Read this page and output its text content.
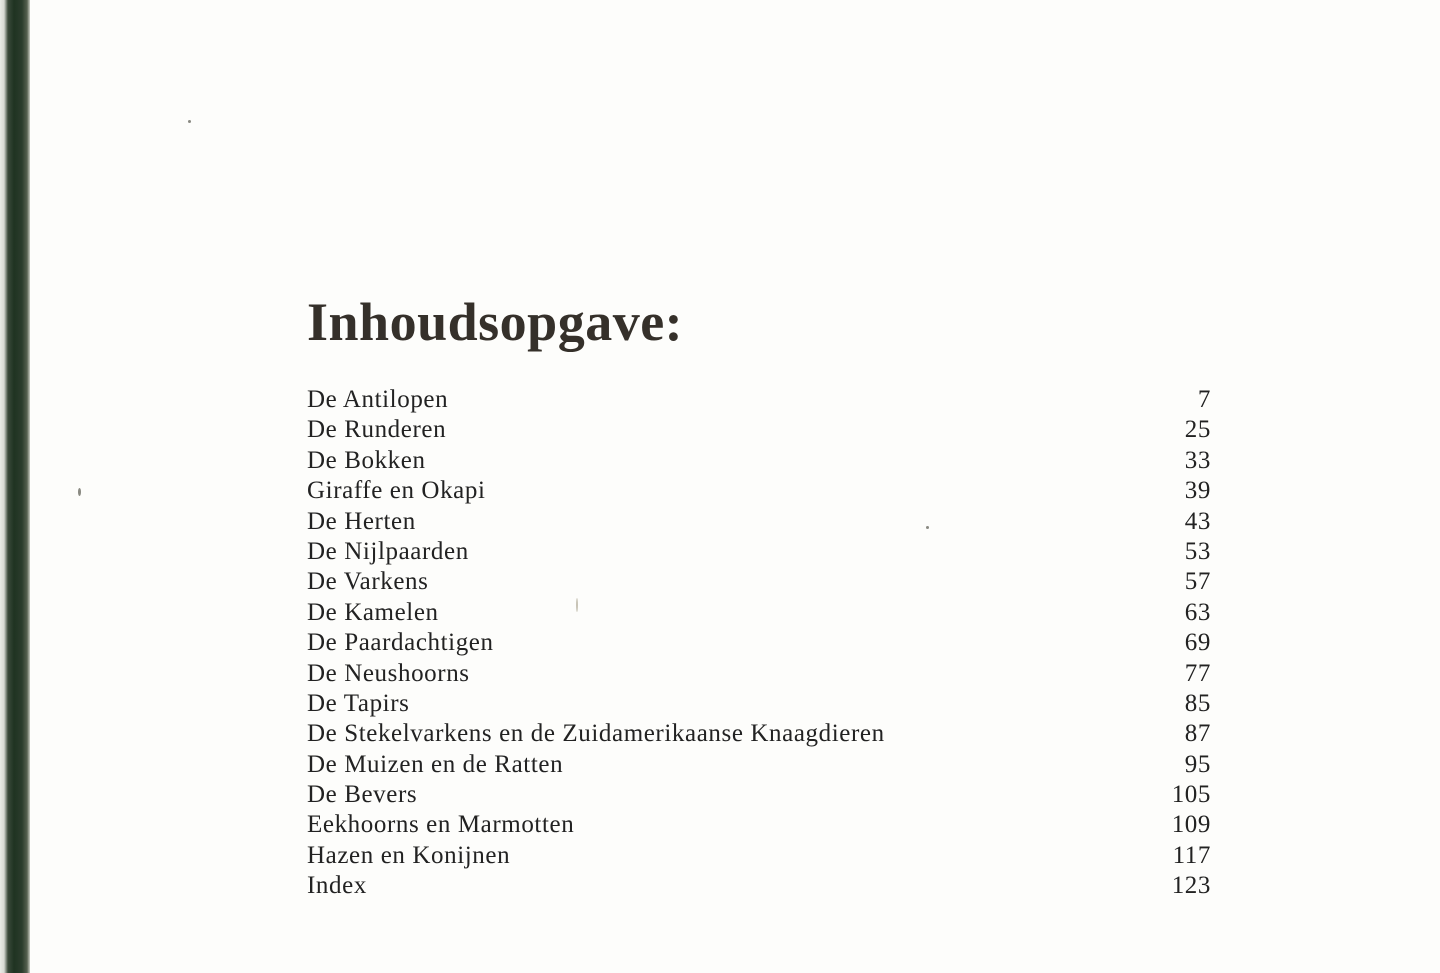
Inhoudsopgave:
De Antilopen	7
De Runderen	25
De Bokken	33
Giraffe en Okapi	39
De Herten	43
De Nijlpaarden	53
De Varkens	57
De Kamelen	63
De Paardachtigen	69
De Neushoorns	77
De Tapirs	85
De Stekelvarkens en de Zuidamerikaanse Knaagdieren	87
De Muizen en de Ratten	95
De Bevers	105
Eekhoorns en Marmotten	109
Hazen en Konijnen	117
Index	123
